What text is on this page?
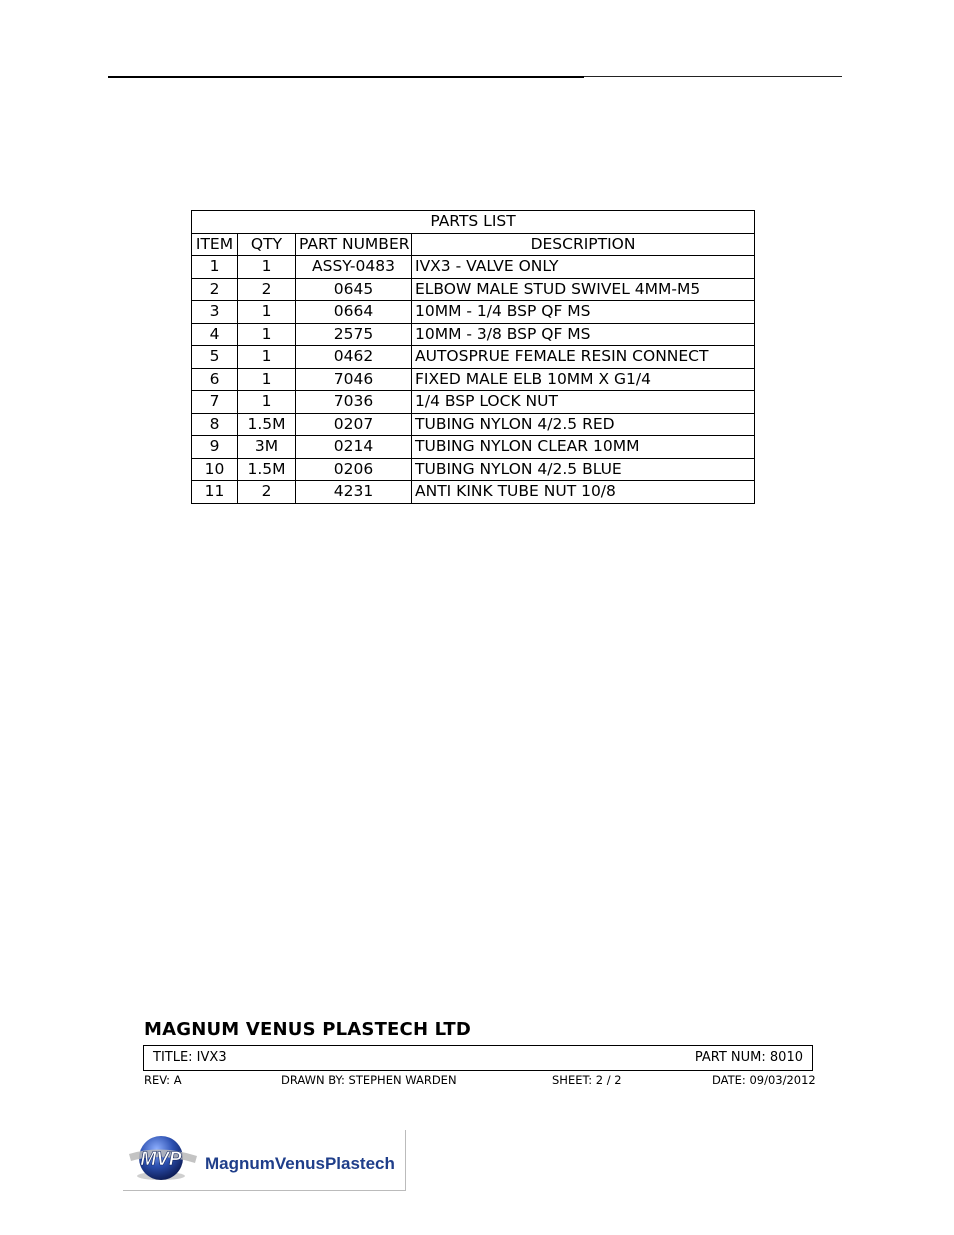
PARTS LIST			
ITEM	QTY	PART NUMBER	DESCRIPTION
1	1	ASSY-0483	IVX3 - VALVE ONLY
2	2	0645	ELBOW MALE STUD SWIVEL 4MM-M5
3	1	0664	10MM - 1/4 BSP QF MS
4	1	2575	10MM - 3/8 BSP QF MS
5	1	0462	AUTOSPRUE FEMALE RESIN CONNECT
6	1	7046	FIXED MALE ELB 10MM X G1/4
7	1	7036	1/4 BSP LOCK NUT
8	1.5M	0207	TUBING NYLON 4/2.5 RED
9	3M	0214	TUBING NYLON CLEAR 10MM
10	1.5M	0206	TUBING NYLON 4/2.5 BLUE
11	2	4231	ANTI KINK TUBE NUT 10/8
MAGNUM VENUS PLASTECH LTD
TITLE: IVX3	PART NUM: 8010
REV: A	DRAWN BY: STEPHEN WARDEN	SHEET: 2 / 2	DATE: 09/03/2012
MVP MagnumVenusPlastech
